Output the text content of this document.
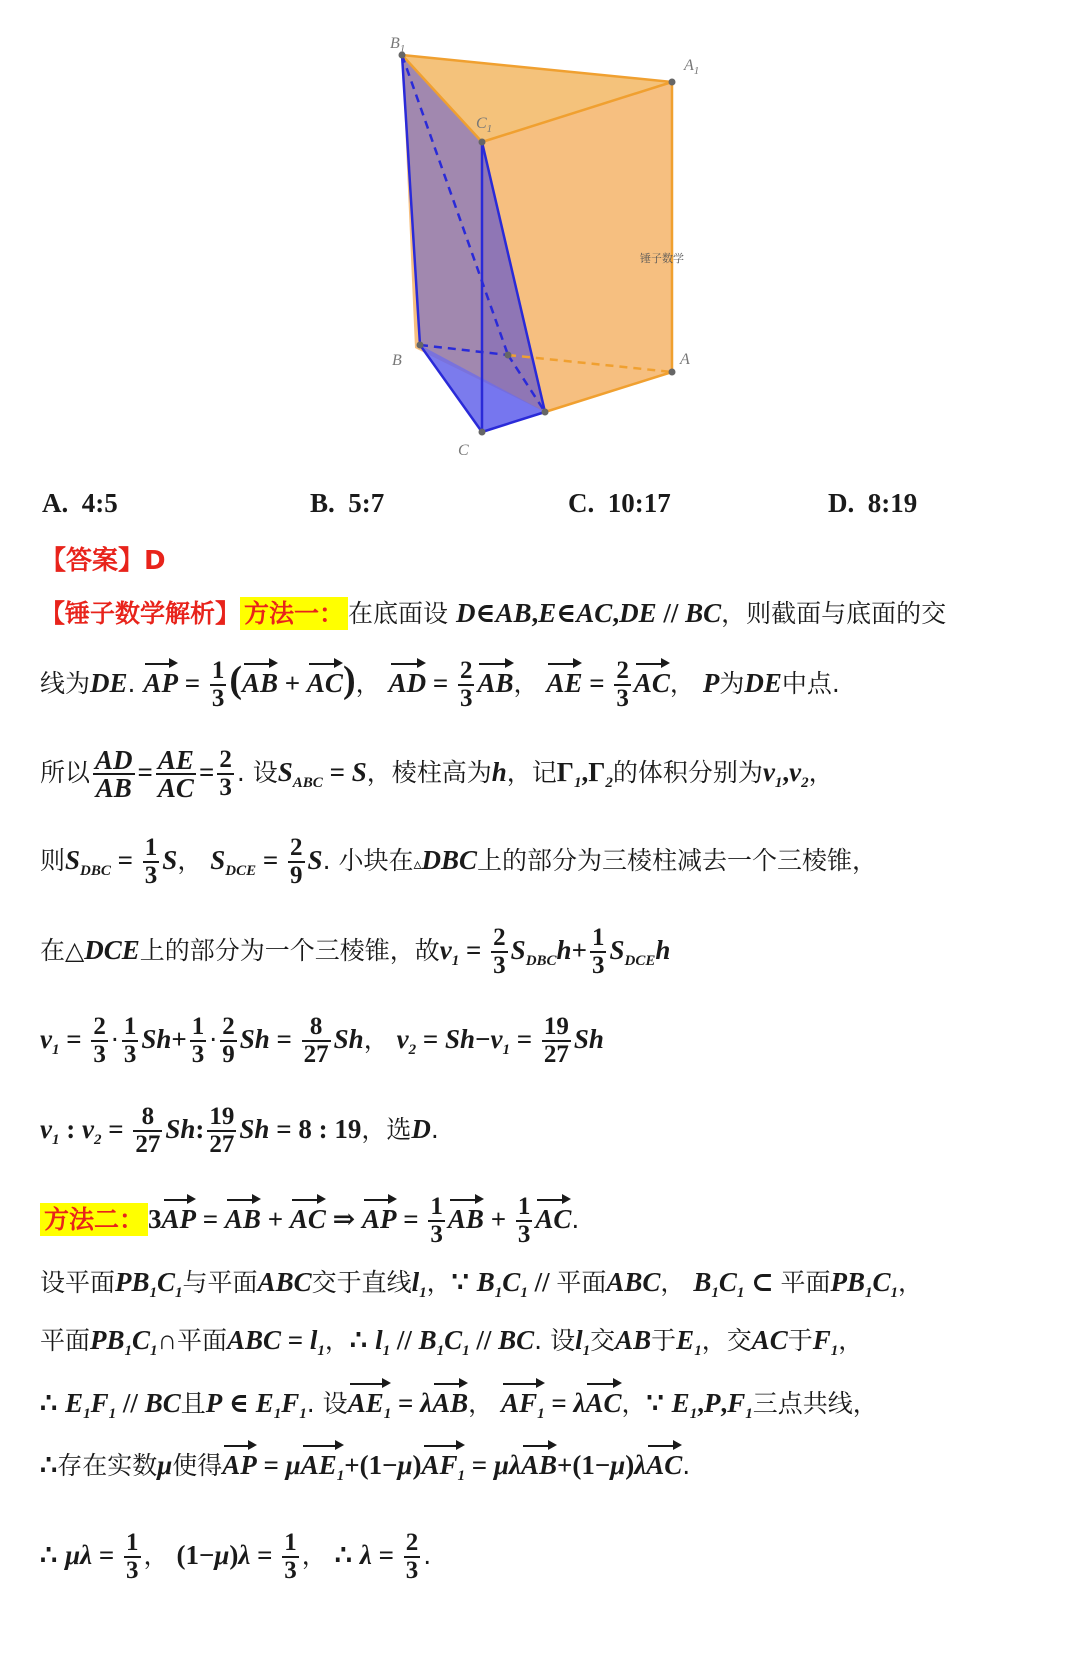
$B_1$
$A_1$
$C_1$
B	A
C
锤子数学
A. 4:5	B. 5:7	C. 10:17	D. 8:19
【答案】D
【锤子数学解析】 方法一： 在底面设 D∈AB,E∈AC,DE // BC，则截面与底面的交
线为DE. AP = $\frac{1}{3} (AB + AC)$， AD = $\frac{2}{3}$ AB， AE = $\frac{2}{3}$ AC， P为DE中点.
所以 $\frac{AD}{AB} = \frac{AE}{AC} = \frac{2}{3}$ . 设$S_{ABC} = S$，棱柱高为h，记$\Gamma_1,\Gamma_2$的体积分别为$v_1,v_2$，
则$S_{DBC} = \frac{1}{3}$ S， $S_{DCE} = \frac{2}{9} S$. 小块在▵DBC上的部分为三棱柱减去一个三棱锥，
在△DCE上的部分为一个三棱锥，故$v_1 = \frac{2}{3} S_{DBC}h+ \frac{1}{3} S_{DCE}h$
$v_1 = \frac{2}{3} \cdot \frac{1}{3} Sh+ \frac{1}{3} \cdot \frac{2}{9}$ $Sh = \frac{8}{27}$ Sh， $v_2 = Sh-v_1 = \frac{19}{27}$ Sh
$v_1$ : $v_2 = \frac{8}{27} Sh$: $\frac{19}{27}$ Sh = 8 : 19，选D.
方法二： 3AP = AB + AC ⇒ AP = $\frac{1}{3}$ AB + $\frac{1}{3}$ AC.
设平面$PB_1C_1$与平面ABC交于直线$l_1$，∵ $B_1C_1$ // 平面ABC， $B_1C_1$ ⊂ 平面$PB_1C_1$，
平面$PB_1C_1\cap$平面ABC = $l_1$，∴ $l_1 // B_1C_1$ // BC. 设$l_1$交AB于$E_1$，交AC于$F_1$，
∴ $E_1F_1$ // BC且P ∈ $E_1F_1$. 设$AE_1 = \lambda AB$， $AF_1 = \lambda AC$，∵ $E_1,P,F_1$三点共线，
∴存在实数μ使得AP = $\mu AE_1+(1-\mu)AF_1 = \mu\lambda AB+(1-\mu)\lambda AC$.
∴ $\mu\lambda = \frac{1}{3}$ ， $(1-\mu)\lambda = \frac{1}{3}$ ， ∴ $\lambda = \frac{2}{3}$ .
